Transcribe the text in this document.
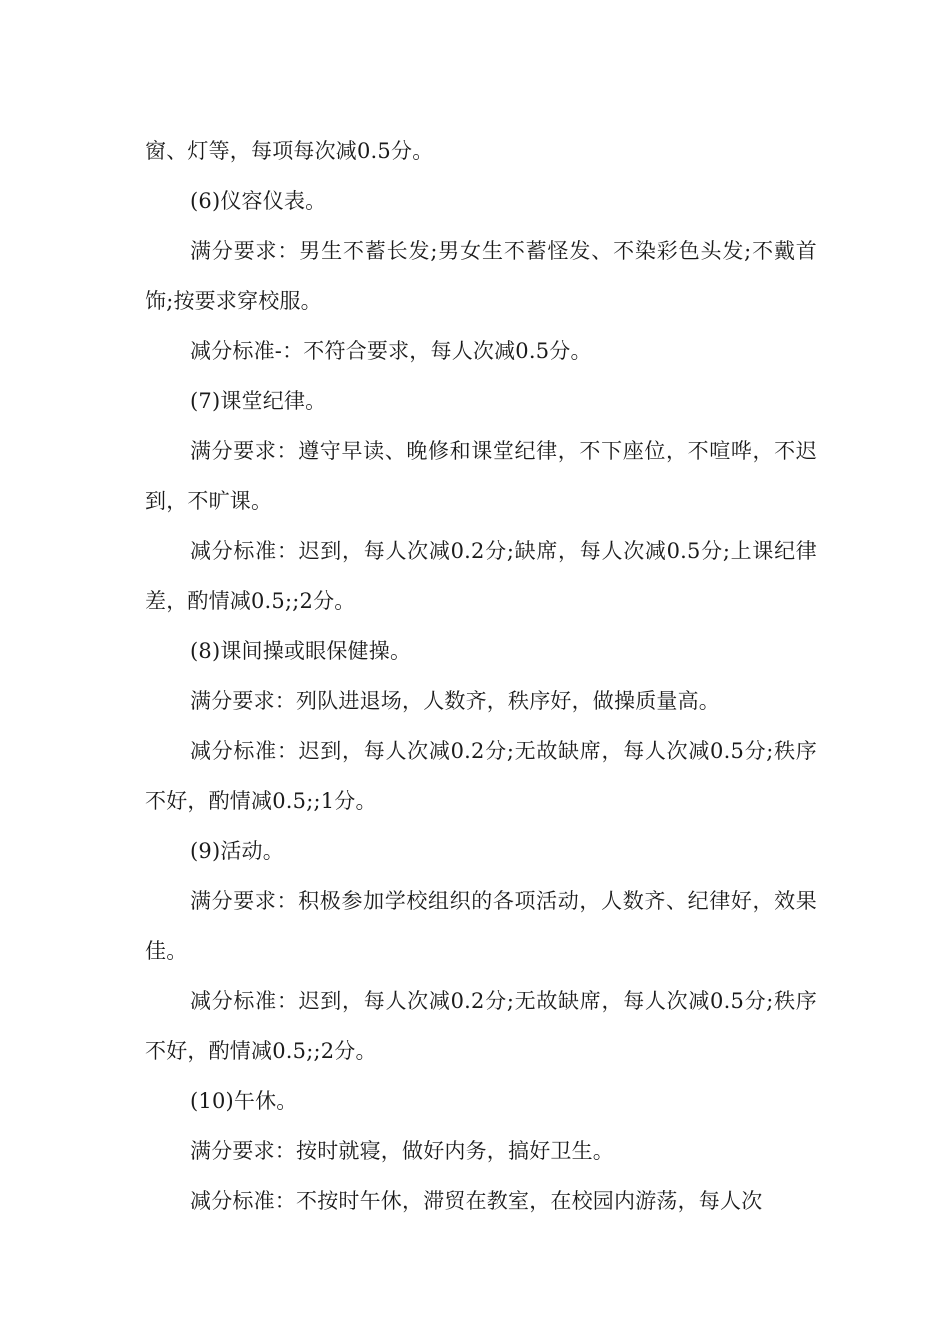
窗、灯等，每项每次减0.5分。

(6)仪容仪表。

满分要求：男生不蓄长发;男女生不蓄怪发、不染彩色头发;不戴首饰;按要求穿校服。

减分标准-：不符合要求，每人次减0.5分。

(7)课堂纪律。

满分要求：遵守早读、晚修和课堂纪律，不下座位，不喧哗，不迟到，不旷课。

减分标准：迟到，每人次减0.2分;缺席，每人次减0.5分;上课纪律差，酌情减0.5;;2分。

(8)课间操或眼保健操。

满分要求：列队进退场，人数齐，秩序好，做操质量高。

减分标准：迟到，每人次减0.2分;无故缺席，每人次减0.5分;秩序不好，酌情减0.5;;1分。

(9)活动。

满分要求：积极参加学校组织的各项活动，人数齐、纪律好，效果佳。

减分标准：迟到，每人次减0.2分;无故缺席，每人次减0.5分;秩序不好，酌情减0.5;;2分。

(10)午休。

满分要求：按时就寝，做好内务，搞好卫生。

减分标准：不按时午休，滞贸在教室，在校园内游荡，每人次
